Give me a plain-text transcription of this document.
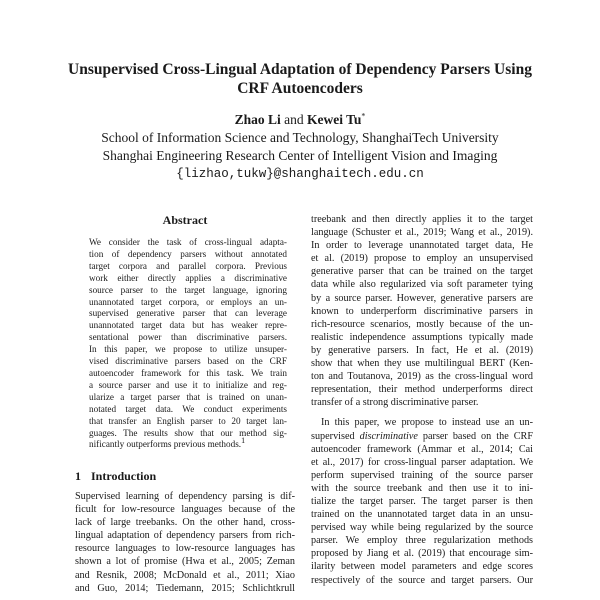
Unsupervised Cross-Lingual Adaptation of Dependency Parsers Using
CRF Autoencoders
Zhao Li and Kewei Tu*
School of Information Science and Technology, ShanghaiTech University
Shanghai Engineering Research Center of Intelligent Vision and Imaging
{lizhao,tukw}@shanghaitech.edu.cn
Abstract
We consider the task of cross-lingual adapta-
tion of dependency parsers without annotated
target corpora and parallel corpora. Previous
work either directly applies a discriminative
source parser to the target language, ignoring
unannotated target corpora, or employs an un-
supervised generative parser that can leverage
unannotated target data but has weaker repre-
sentational power than discriminative parsers.
In this paper, we propose to utilize unsuper-
vised discriminative parsers based on the CRF
autoencoder framework for this task. We train
a source parser and use it to initialize and reg-
ularize a target parser that is trained on unan-
notated target data. We conduct experiments
that transfer an English parser to 20 target lan-
guages. The results show that our method sig-
nificantly outperforms previous methods.1
1 Introduction
Supervised learning of dependency parsing is dif-
ficult for low-resource languages because of the
lack of large treebanks. On the other hand, cross-
lingual adaptation of dependency parsers from rich-
resource languages to low-resource languages has
shown a lot of promise (Hwa et al., 2005; Zeman
and Resnik, 2008; McDonald et al., 2011; Xiao
and Guo, 2014; Tiedemann, 2015; Schlichtkrull
treebank and then directly applies it to the target
language (Schuster et al., 2019; Wang et al., 2019).
In order to leverage unannotated target data, He
et al. (2019) propose to employ an unsupervised
generative parser that can be trained on the target
data while also regularized via soft parameter tying
by a source parser. However, generative parsers are
known to underperform discriminative parsers in
rich-resource scenarios, mostly because of the un-
realistic independence assumptions typically made
by generative parsers. In fact, He et al. (2019)
show that when they use multilingual BERT (Ken-
ton and Toutanova, 2019) as the cross-lingual word
representation, their method underperforms direct
transfer of a strong discriminative parser.
In this paper, we propose to instead use an un-
supervised discriminative parser based on the CRF
autoencoder framework (Ammar et al., 2014; Cai
et al., 2017) for cross-lingual parser adaptation. We
perform supervised training of the source parser
with the source treebank and then use it to ini-
tialize the target parser. The target parser is then
trained on the unannotated target data in an unsu-
pervised way while being regularized by the source
parser. We employ three regularization methods
proposed by Jiang et al. (2019) that encourage sim-
ilarity between model parameters and edge scores
respectively of the source and target parsers. Our
